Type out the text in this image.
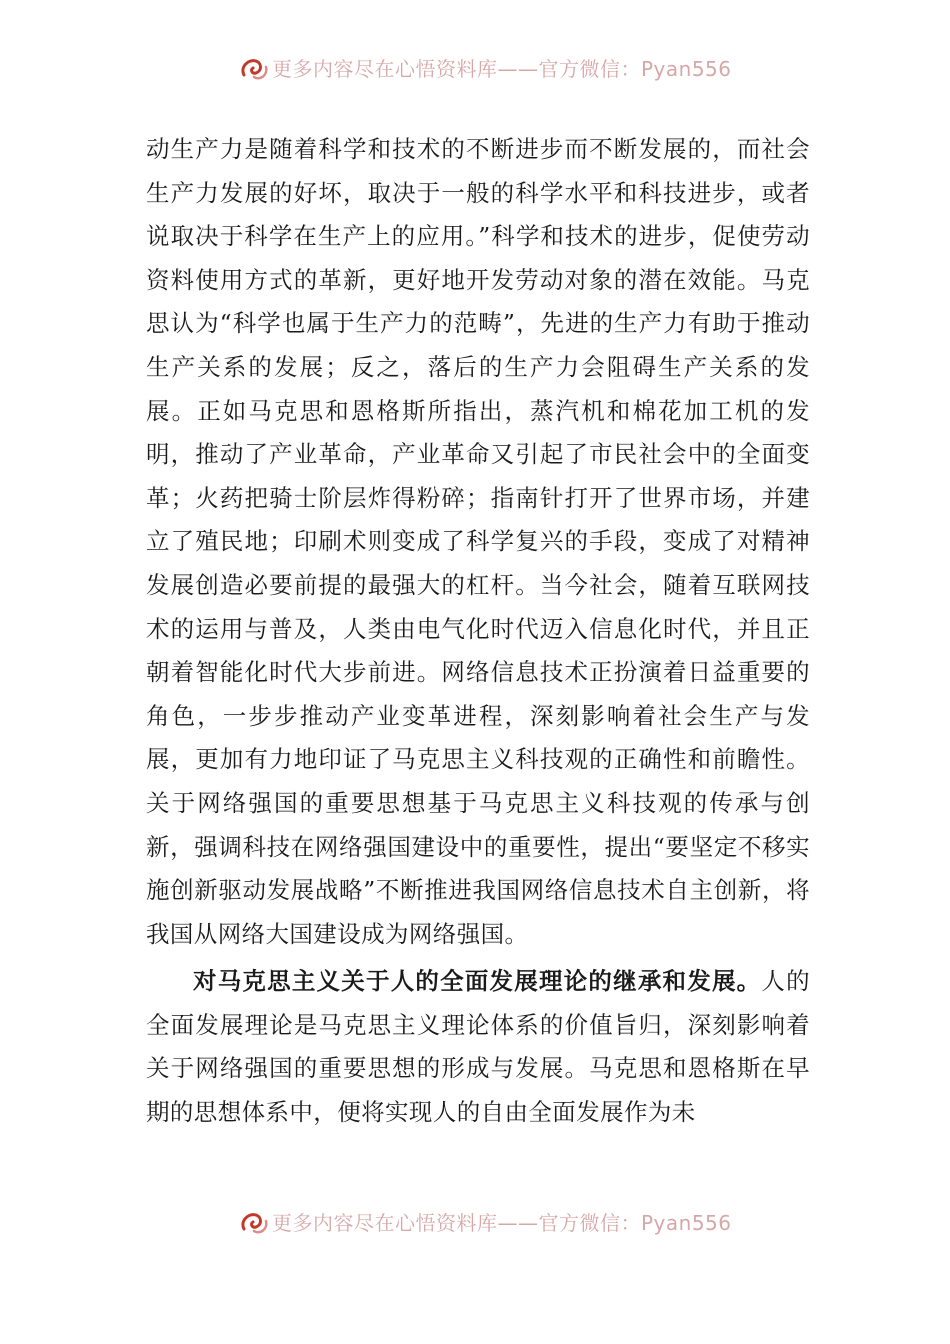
更多内容尽在心悟资料库——官方微信：Pyan556

动生产力是随着科学和技术的不断进步而不断发展的，而社会生产力发展的好坏，取决于一般的科学水平和科技进步，或者说取决于科学在生产上的应用。”科学和技术的进步，促使劳动资料使用方式的革新，更好地开发劳动对象的潜在效能。马克思认为“科学也属于生产力的范畴”，先进的生产力有助于推动生产关系的发展；反之，落后的生产力会阻碍生产关系的发展。正如马克思和恩格斯所指出，蒸汽机和棉花加工机的发明，推动了产业革命，产业革命又引起了市民社会中的全面变革；火药把骑士阶层炸得粉碎；指南针打开了世界市场，并建立了殖民地；印刷术则变成了科学复兴的手段，变成了对精神发展创造必要前提的最强大的杠杆。当今社会，随着互联网技术的运用与普及，人类由电气化时代迈入信息化时代，并且正朝着智能化时代大步前进。网络信息技术正扮演着日益重要的角色，一步步推动产业变革进程，深刻影响着社会生产与发展，更加有力地印证了马克思主义科技观的正确性和前瞻性。关于网络强国的重要思想基于马克思主义科技观的传承与创新，强调科技在网络强国建设中的重要性，提出“要坚定不移实施创新驱动发展战略”不断推进我国网络信息技术自主创新，将我国从网络大国建设成为网络强国。

对马克思主义关于人的全面发展理论的继承和发展。人的全面发展理论是马克思主义理论体系的价值旨归，深刻影响着关于网络强国的重要思想的形成与发展。马克思和恩格斯在早期的思想体系中，便将实现人的自由全面发展作为未

更多内容尽在心悟资料库——官方微信：Pyan556
